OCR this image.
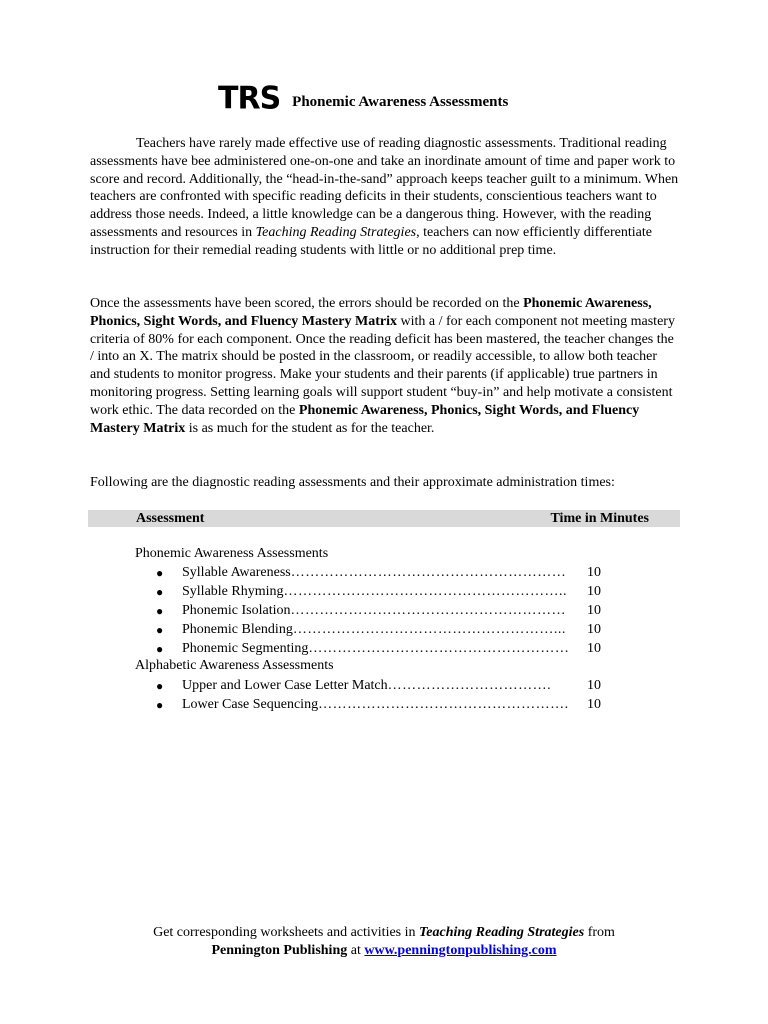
TRS Phonemic Awareness Assessments
Teachers have rarely made effective use of reading diagnostic assessments. Traditional reading assessments have bee administered one-on-one and take an inordinate amount of time and paper work to score and record. Additionally, the “head-in-the-sand” approach keeps teacher guilt to a minimum. When teachers are confronted with specific reading deficits in their students, conscientious teachers want to address those needs. Indeed, a little knowledge can be a dangerous thing. However, with the reading assessments and resources in Teaching Reading Strategies, teachers can now efficiently differentiate instruction for their remedial reading students with little or no additional prep time.
Once the assessments have been scored, the errors should be recorded on the Phonemic Awareness, Phonics, Sight Words, and Fluency Mastery Matrix with a / for each component not meeting mastery criteria of 80% for each component. Once the reading deficit has been mastered, the teacher changes the / into an X. The matrix should be posted in the classroom, or readily accessible, to allow both teacher and students to monitor progress. Make your students and their parents (if applicable) true partners in monitoring progress. Setting learning goals will support student “buy-in” and help motivate a consistent work ethic. The data recorded on the Phonemic Awareness, Phonics, Sight Words, and Fluency Mastery Matrix is as much for the student as for the teacher.
Following are the diagnostic reading assessments and their approximate administration times:
Assessment	Time in Minutes
Phonemic Awareness Assessments
●	Syllable Awareness…………………………………………………	10
●	Syllable Rhyming…………………………………………………..	10
●	Phonemic Isolation…………………………………………………	10
●	Phonemic Blending………………………………………………...	10
●	Phonemic Segmenting………………………………………………	10
Alphabetic Awareness Assessments
●	Upper and Lower Case Letter Match…………………………….	10
●	Lower Case Sequencing…………………………………………….	10
Get corresponding worksheets and activities in Teaching Reading Strategies from
Pennington Publishing at www.penningtonpublishing.com
